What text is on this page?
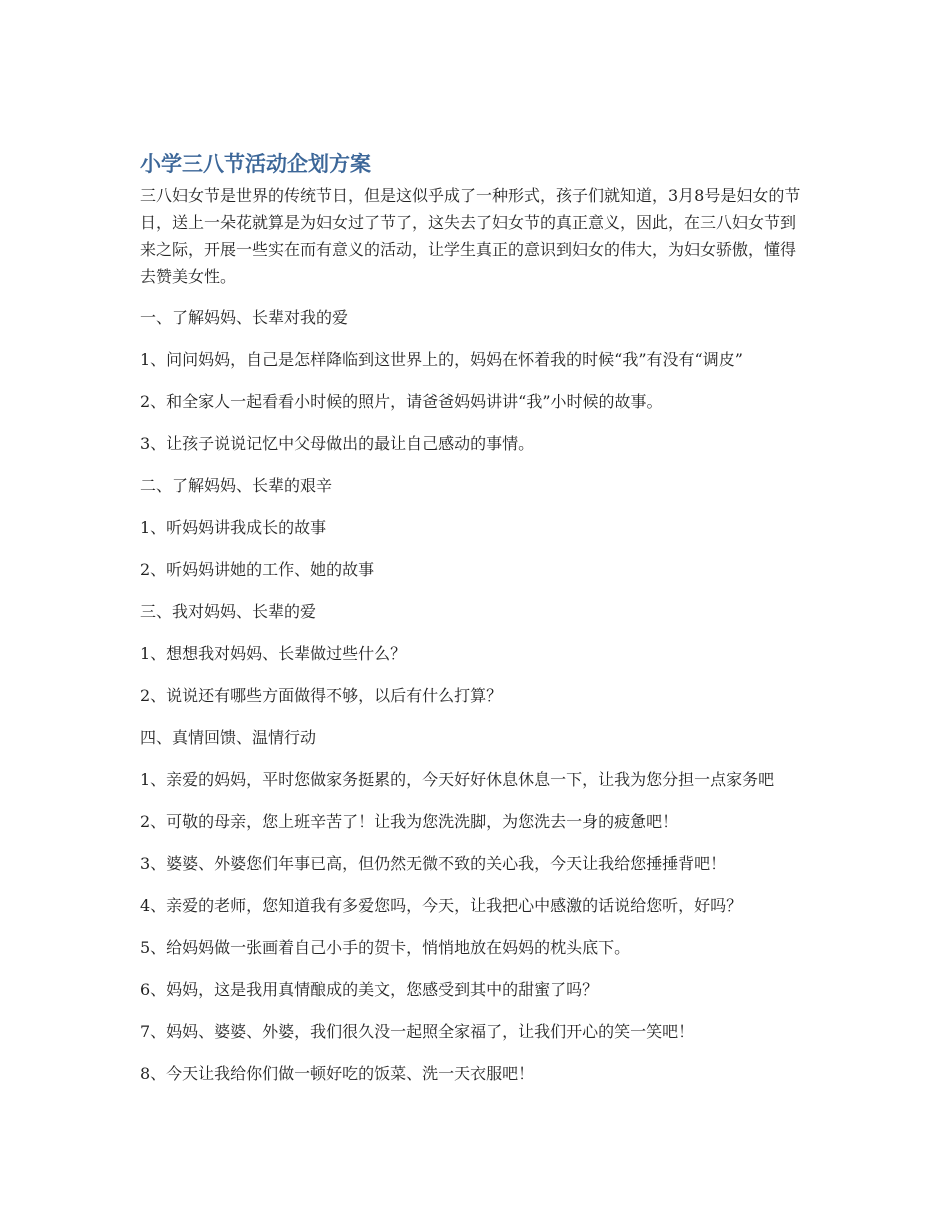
小学三八节活动企划方案

三八妇女节是世界的传统节日，但是这似乎成了一种形式，孩子们就知道，3月8号是妇女的节日，送上一朵花就算是为妇女过了节了，这失去了妇女节的真正意义，因此，在三八妇女节到来之际，开展一些实在而有意义的活动，让学生真正的意识到妇女的伟大，为妇女骄傲，懂得去赞美女性。

一、了解妈妈、长辈对我的爱

1、问问妈妈，自己是怎样降临到这世界上的，妈妈在怀着我的时候“我”有没有“调皮”

2、和全家人一起看看小时候的照片，请爸爸妈妈讲讲“我”小时候的故事。

3、让孩子说说记忆中父母做出的最让自己感动的事情。

二、了解妈妈、长辈的艰辛

1、听妈妈讲我成长的故事

2、听妈妈讲她的工作、她的故事

三、我对妈妈、长辈的爱

1、想想我对妈妈、长辈做过些什么？

2、说说还有哪些方面做得不够，以后有什么打算？

四、真情回馈、温情行动

1、亲爱的妈妈，平时您做家务挺累的，今天好好休息休息一下，让我为您分担一点家务吧

2、可敬的母亲，您上班辛苦了！让我为您洗洗脚，为您洗去一身的疲惫吧！

3、婆婆、外婆您们年事已高，但仍然无微不致的关心我，今天让我给您捶捶背吧！

4、亲爱的老师，您知道我有多爱您吗，今天，让我把心中感激的话说给您听，好吗？

5、给妈妈做一张画着自己小手的贺卡，悄悄地放在妈妈的枕头底下。

6、妈妈，这是我用真情酿成的美文，您感受到其中的甜蜜了吗？

7、妈妈、婆婆、外婆，我们很久没一起照全家福了，让我们开心的笑一笑吧！

8、今天让我给你们做一顿好吃的饭菜、洗一天衣服吧！
